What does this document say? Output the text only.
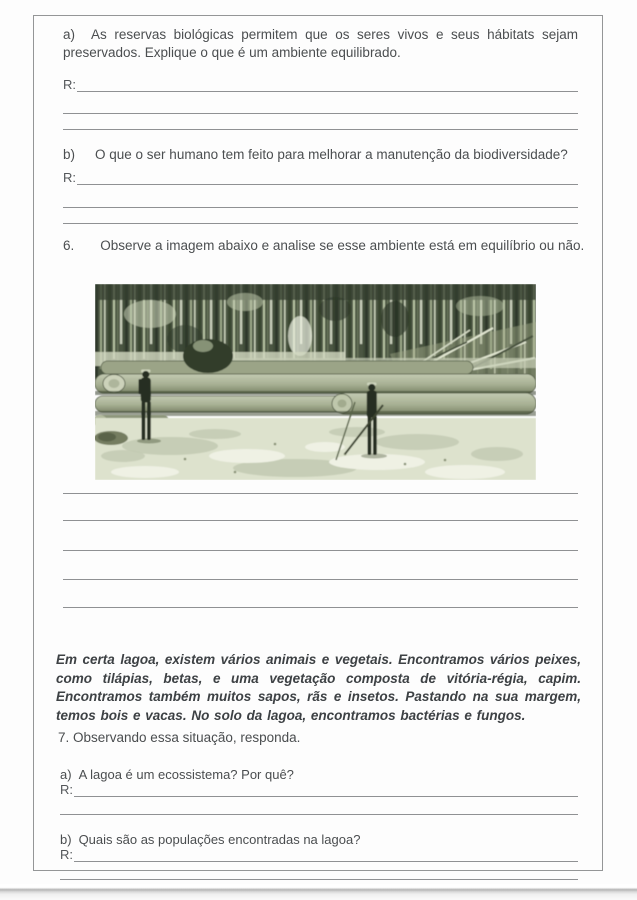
a) As reservas biológicas permitem que os seres vivos e seus hábitats sejam preservados. Explique o que é um ambiente equilibrado.

R:

b) O que o ser humano tem feito para melhorar a manutenção da biodiversidade?

R:

6. Observe a imagem abaixo e analise se esse ambiente está em equilíbrio ou não.

Em certa lagoa, existem vários animais e vegetais. Encontramos vários peixes, como tilápias, betas, e uma vegetação composta de vitória-régia, capim. Encontramos também muitos sapos, rãs e insetos. Pastando na sua margem, temos bois e vacas. No solo da lagoa, encontramos bactérias e fungos.

7. Observando essa situação, responda.

a) A lagoa é um ecossistema? Por quê?

R:

b) Quais são as populações encontradas na lagoa?

R:
